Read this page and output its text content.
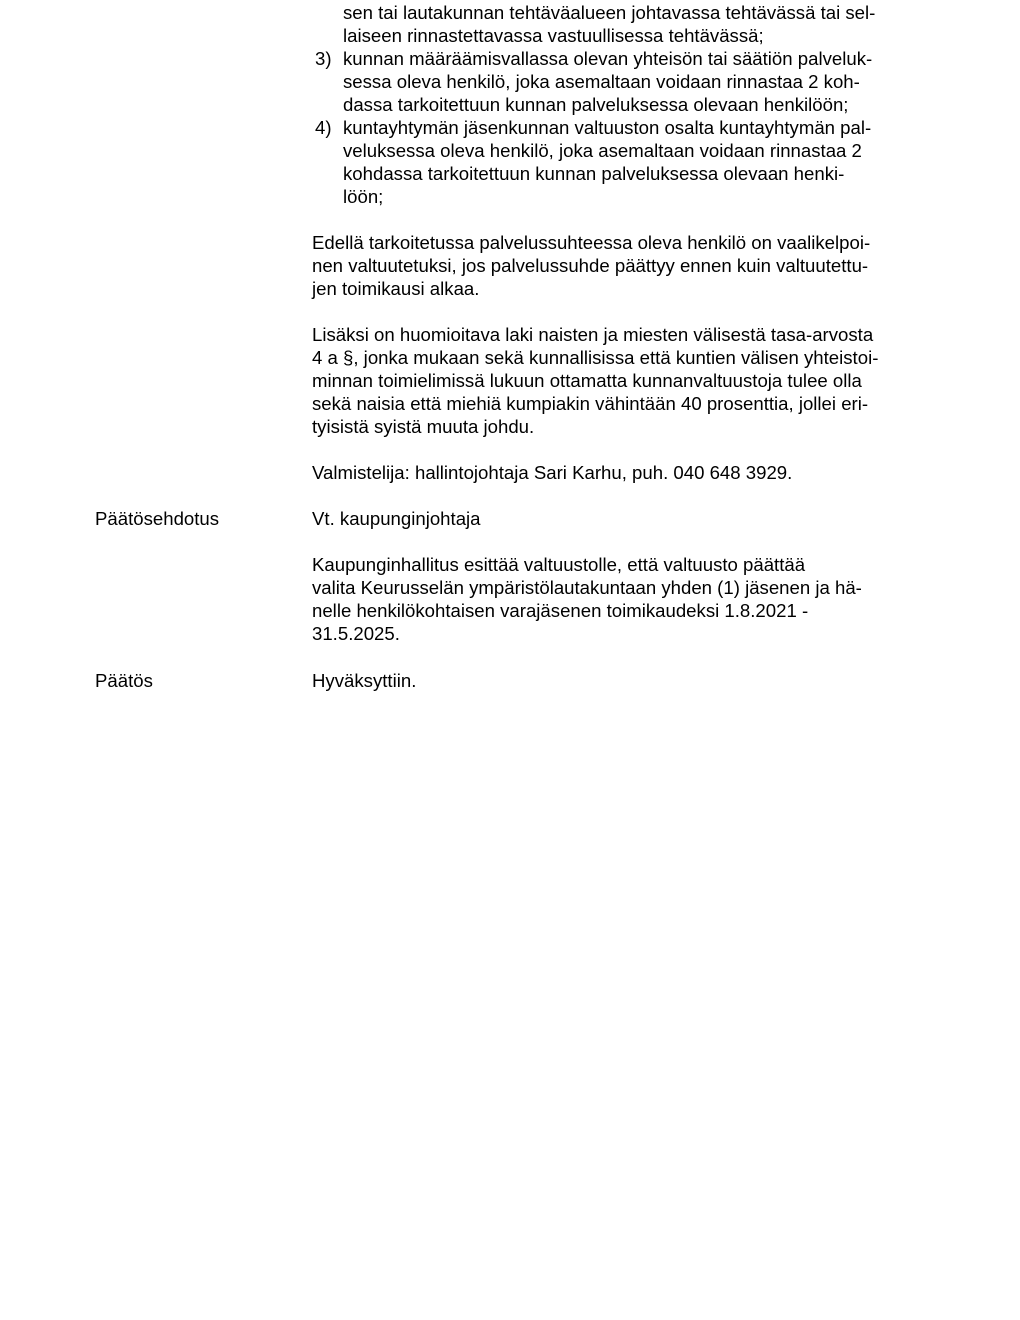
sen tai lautakunnan tehtäväalueen johtavassa tehtävässä tai sel-
laiseen rinnastettavassa vastuullisessa tehtävässä;
3) kunnan määräämisvallassa olevan yhteisön tai säätiön palveluk-
sessa oleva henkilö, joka asemaltaan voidaan rinnastaa 2 koh-
dassa tarkoitettuun kunnan palveluksessa olevaan henkilöön;
4) kuntayhtymän jäsenkunnan valtuuston osalta kuntayhtymän pal-
veluksessa oleva henkilö, joka asemaltaan voidaan rinnastaa 2
kohdassa tarkoitettuun kunnan palveluksessa olevaan henki-
löön;
Edellä tarkoitetussa palvelussuhteessa oleva henkilö on vaalikelpoi-
nen valtuutetuksi, jos palvelussuhde päättyy ennen kuin valtuutettu-
jen toimikausi alkaa.
Lisäksi on huomioitava laki naisten ja miesten välisestä tasa-arvosta
4 a §, jonka mukaan sekä kunnallisissa että kuntien välisen yhteistoi-
minnan toimielimissä lukuun ottamatta kunnanvaltuustoja tulee olla
sekä naisia että miehiä kumpiakin vähintään 40 prosenttia, jollei eri-
tyisistä syistä muuta johdu.
Valmistelija: hallintojohtaja Sari Karhu, puh. 040 648 3929.
Päätösehdotus	Vt. kaupunginjohtaja
Kaupunginhallitus esittää valtuustolle, että valtuusto päättää
valita Keurusselän ympäristölautakuntaan yhden (1) jäsenen ja hä-
nelle henkilökohtaisen varajäsenen toimikaudeksi 1.8.2021 -
31.5.2025.
Päätös	Hyväksyttiin.
